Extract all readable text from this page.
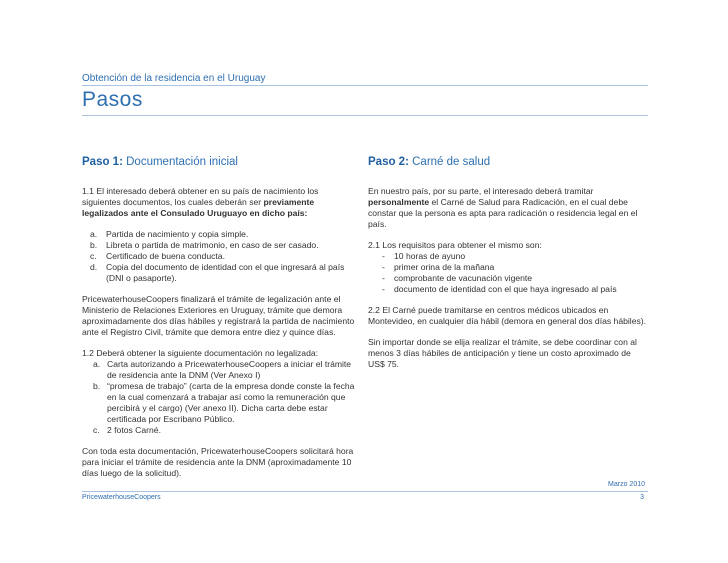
Obtención de la residencia en el Uruguay
Pasos
Paso 1: Documentación inicial

1.1 El interesado deberá obtener en su país de nacimiento los siguientes documentos, los cuales deberán ser previamente legalizados ante el Consulado Uruguayo en dicho país:

a. Partida de nacimiento y copia simple.
b. Libreta o partida de matrimonio, en caso de ser casado.
c. Certificado de buena conducta.
d. Copia del documento de identidad con el que ingresará al país (DNI o pasaporte).

PricewaterhouseCoopers finalizará el trámite de legalización ante el Ministerio de Relaciones Exteriores en Uruguay, trámite que demora aproximadamente dos días hábiles y registrará la partida de nacimiento ante el Registro Civil, trámite que demora entre diez y quince días.

1.2 Deberá obtener la siguiente documentación no legalizada:

a. Carta autorizando a PricewaterhouseCoopers a iniciar el trámite de residencia ante la DNM (Ver Anexo I)
b. “promesa de trabajo” (carta de la empresa donde conste la fecha en la cual comenzará a trabajar así como la remuneración que percibirá y el cargo) (Ver anexo II). Dicha carta debe estar certificada por Escribano Público.
c. 2 fotos Carné.

Con toda esta documentación, PricewaterhouseCoopers solicitará hora para iniciar el trámite de residencia ante la DNM (aproximadamente 10 días luego de la solicitud).

Paso 2: Carné de salud

En nuestro país, por su parte, el interesado deberá tramitar personalmente el Carné de Salud para Radicación, en el cual debe constar que la persona es apta para radicación o residencia legal en el país.

2.1 Los requisitos para obtener el mismo son:

- 10 horas de ayuno
- primer orina de la mañana
- comprobante de vacunación vigente
- documento de identidad con el que haya ingresado al país

2.2 El Carné puede tramitarse en centros médicos ubicados en Montevideo, en cualquier día hábil (demora en general dos días hábiles).

Sin importar donde se elija realizar el trámite, se debe coordinar con al menos 3 días hábiles de anticipación y tiene un costo aproximado de US$ 75.

Marzo 2010
PricewaterhouseCoopers	3
